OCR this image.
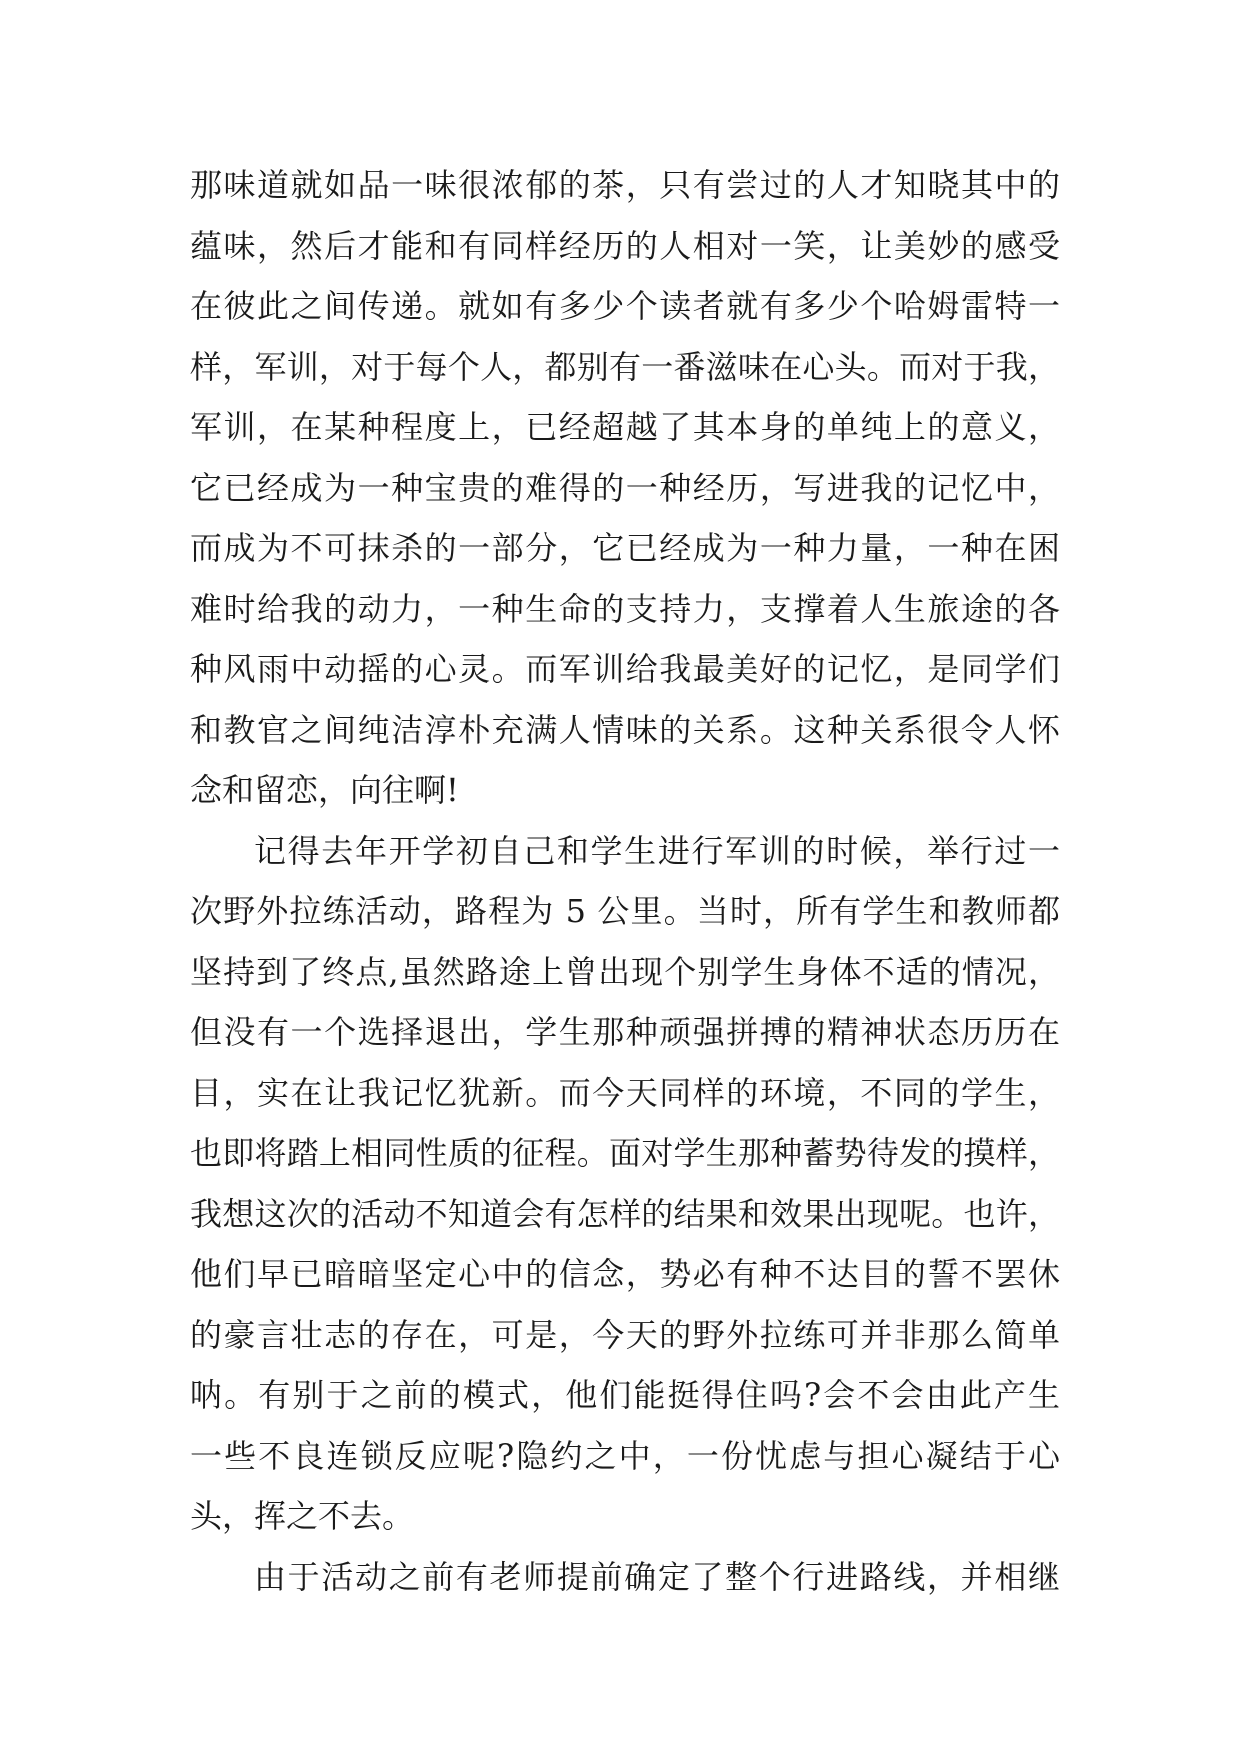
那味道就如品一味很浓郁的茶，只有尝过的人才知晓其中的
蕴味，然后才能和有同样经历的人相对一笑，让美妙的感受
在彼此之间传递。就如有多少个读者就有多少个哈姆雷特一
样，军训，对于每个人，都别有一番滋味在心头。而对于我，
军训，在某种程度上，已经超越了其本身的单纯上的意义，
它已经成为一种宝贵的难得的一种经历，写进我的记忆中，
而成为不可抹杀的一部分，它已经成为一种力量，一种在困
难时给我的动力，一种生命的支持力，支撑着人生旅途的各
种风雨中动摇的心灵。而军训给我最美好的记忆，是同学们
和教官之间纯洁淳朴充满人情味的关系。这种关系很令人怀
念和留恋，向往啊!
记得去年开学初自己和学生进行军训的时候，举行过一
次野外拉练活动，路程为 5 公里。当时，所有学生和教师都
坚持到了终点,虽然路途上曾出现个别学生身体不适的情况，
但没有一个选择退出，学生那种顽强拼搏的精神状态历历在
目，实在让我记忆犹新。而今天同样的环境，不同的学生，
也即将踏上相同性质的征程。面对学生那种蓄势待发的摸样，
我想这次的活动不知道会有怎样的结果和效果出现呢。也许，
他们早已暗暗坚定心中的信念，势必有种不达目的誓不罢休
的豪言壮志的存在，可是，今天的野外拉练可并非那么简单
呐。有别于之前的模式，他们能挺得住吗?会不会由此产生
一些不良连锁反应呢?隐约之中，一份忧虑与担心凝结于心
头，挥之不去。
由于活动之前有老师提前确定了整个行进路线，并相继
